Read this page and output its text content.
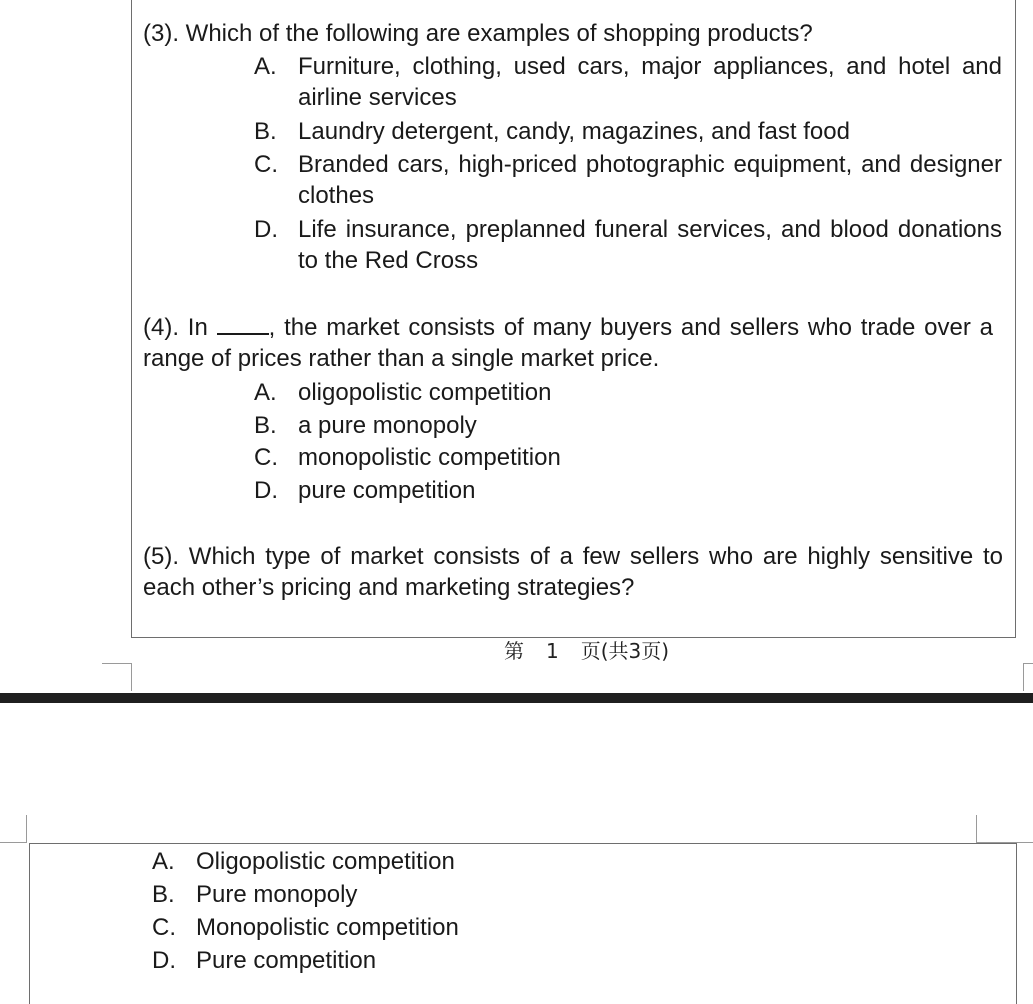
(3). Which of the following are examples of shopping products?
A. Furniture, clothing, used cars, major appliances, and hotel and airline services
B. Laundry detergent, candy, magazines, and fast food
C. Branded cars, high-priced photographic equipment, and designer clothes
D. Life insurance, preplanned funeral services, and blood donations to the Red Cross
(4). In	, the market consists of many buyers and sellers who trade over a range of prices rather than a single market price.
A. oligopolistic competition
B. a pure monopoly
C. monopolistic competition
D. pure competition
(5). Which type of market consists of a few sellers who are highly sensitive to each other’s pricing and marketing strategies?
第 1 页(共3页)
A. Oligopolistic competition
B. Pure monopoly
C. Monopolistic competition
D. Pure competition
